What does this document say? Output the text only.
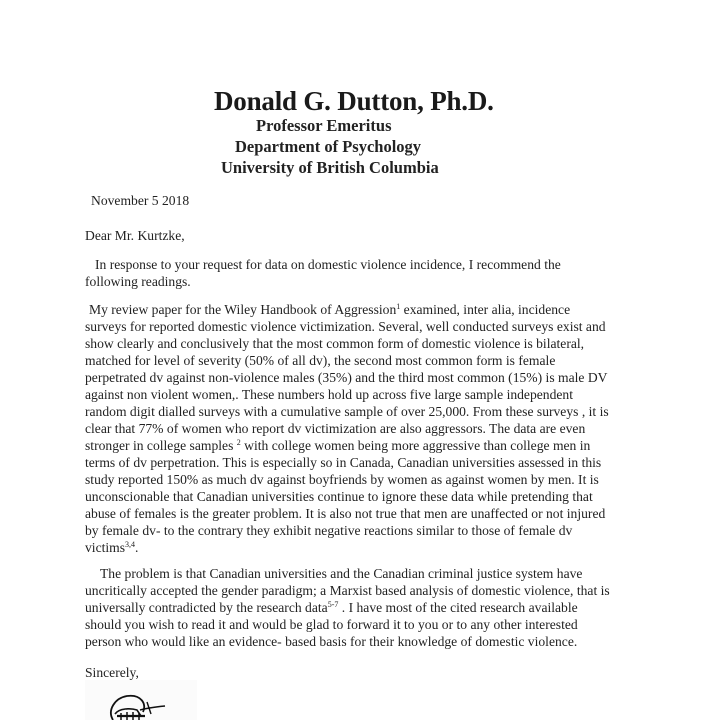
Donald G. Dutton, Ph.D.
Professor Emeritus
Department of Psychology
University of British Columbia
November 5 2018
Dear Mr. Kurtzke,
In response to your request for data on domestic violence incidence, I recommend the
following readings.
My review paper for the Wiley Handbook of Aggression$^1$ examined, inter alia, incidence
surveys for reported domestic violence victimization. Several, well conducted surveys exist and
show clearly and conclusively that the most common form of domestic violence is bilateral,
matched for level of severity (50% of all dv), the second most common form is female
perpetrated dv against non-violence males (35%) and the third most common (15%) is male DV
against non violent women,. These numbers hold up across five large sample independent
random digit dialled surveys with a cumulative sample of over 25,000. From these surveys , it is
clear that 77% of women who report dv victimization are also aggressors. The data are even
stronger in college samples $^2$ with college women being more aggressive than college men in
terms of dv perpetration. This is especially so in Canada, Canadian universities assessed in this
study reported 150% as much dv against boyfriends by women as against women by men. It is
unconscionable that Canadian universities continue to ignore these data while pretending that
abuse of females is the greater problem. It is also not true that men are unaffected or not injured
by female dv- to the contrary they exhibit negative reactions similar to those of female dv
victims$^{3,4}$.
The problem is that Canadian universities and the Canadian criminal justice system have
uncritically accepted the gender paradigm; a Marxist based analysis of domestic violence, that is
universally contradicted by the research data$^{5-7}$ . I have most of the cited research available
should you wish to read it and would be glad to forward it to you or to any other interested
person who would like an evidence- based basis for their knowledge of domestic violence.
Sincerely,
